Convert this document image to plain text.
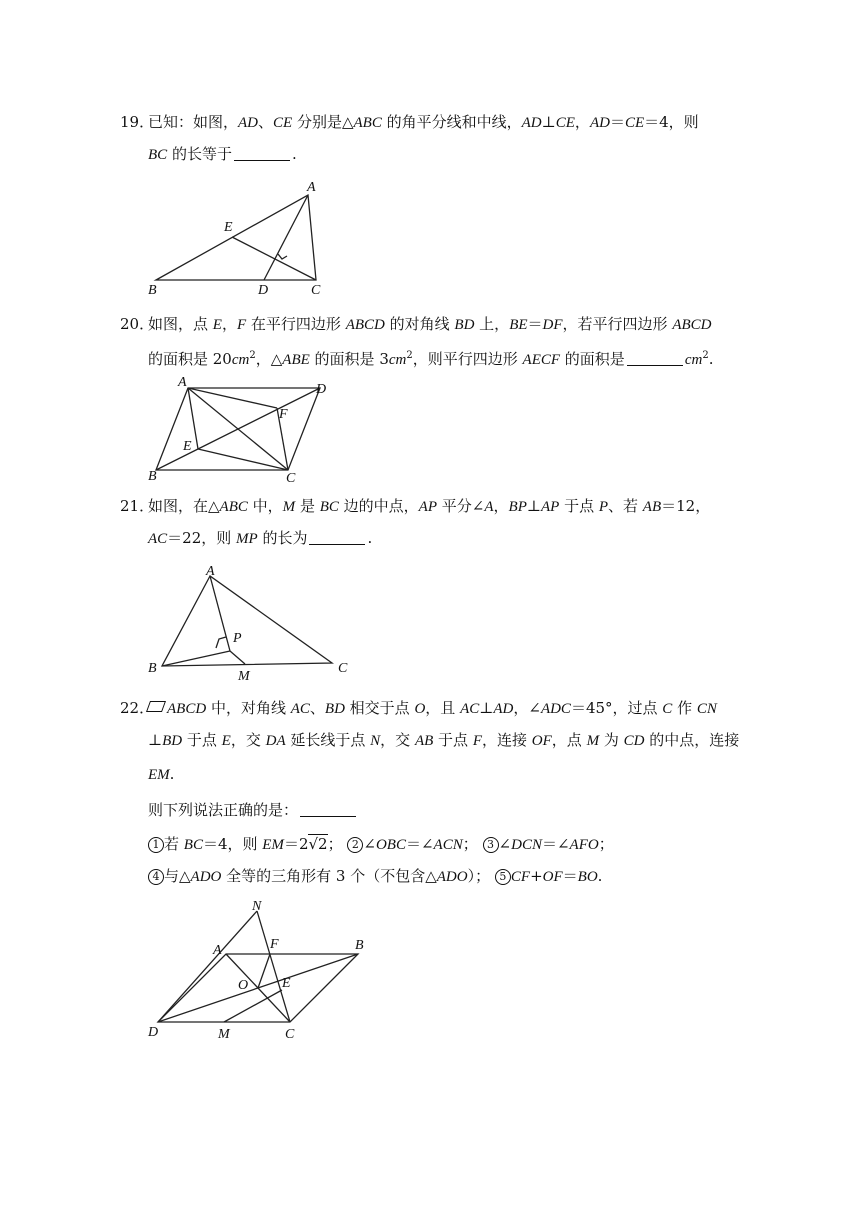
19．
已知：如图，AD、CE 分别是△ABC 的角平分线和中线，AD⊥CE，AD＝CE＝4，则
BC 的长等于	.
A
B	C
D
E
20．
如图，点 E，F 在平行四边形 ABCD 的对角线 BD 上，BE＝DF，若平行四边形 ABCD
的面积是 $20cm^2$，△ABE 的面积是 $3cm^2$，则平行四边形 AECF 的面积是	$cm^2$.
A
B	C
D
E
F
21．
如图，在△ABC 中，M 是 BC 边的中点，AP 平分∠A，BP⊥AP 于点 P、若 AB＝12，
AC＝22，则 MP 的长为	.
A
B	C
M
P
22． ABCD 中，对角线 AC、BD 相交于点 O，且 AC⊥AD，∠ADC＝45°，过点 C 作 CN
⊥BD 于点 E，交 DA 延长线于点 N，交 AB 于点 F，连接 OF，点 M 为 CD 的中点，连接
EM.
则下列说法正确的是：
1 若 BC＝4，则 EM＝2√2； 2 ∠OBC＝∠ACN； 3 ∠DCN＝∠AFO；
4 与△ADO 全等的三角形有 3 个（不包含△ADO）； 5 CF+OF＝BO.
N
A	F	B
O E
D	M	C
